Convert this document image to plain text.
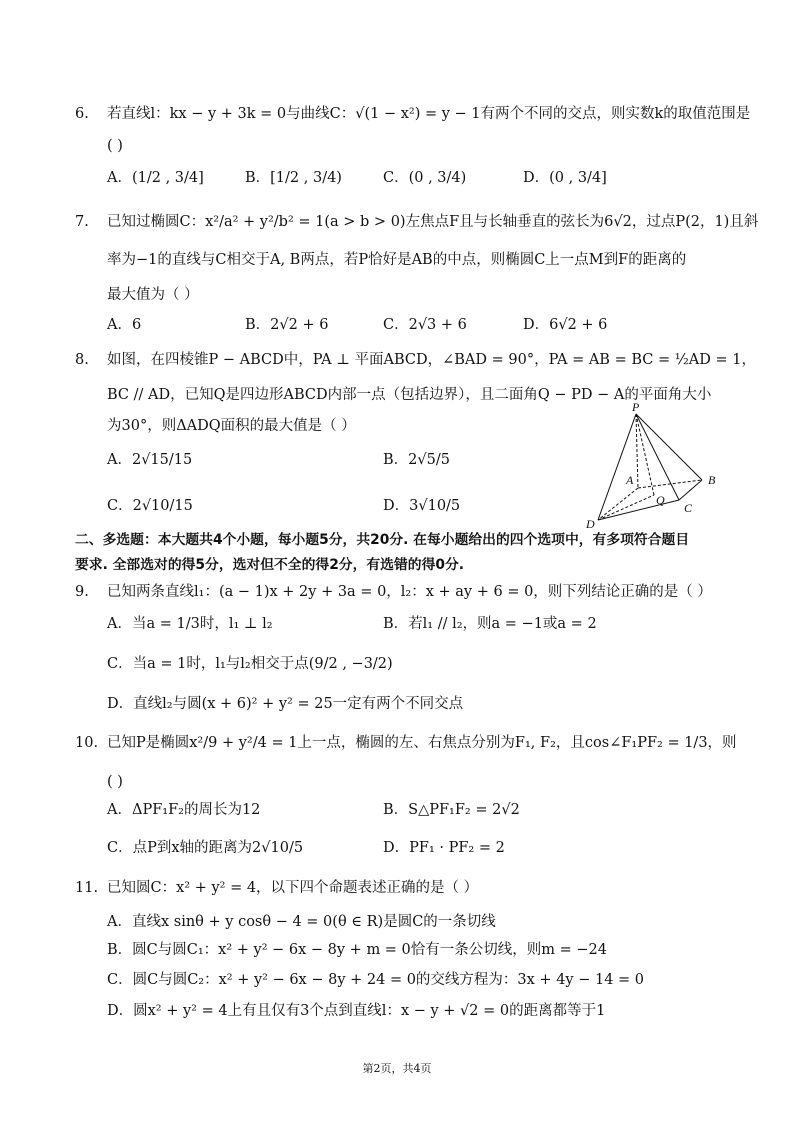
6. 若直线l：kx − y + 3k = 0与曲线C：√(1 − x²) = y − 1有两个不同的交点，则实数k的取值范围是
( )
A．(1/2 , 3/4]	B．[1/2 , 3/4)	C．(0 , 3/4)	D．(0 , 3/4]
7. 已知过椭圆C：x²/a² + y²/b² = 1(a > b > 0)左焦点F且与长轴垂直的弦长为6√2，过点P(2，1)且斜
率为−1的直线与C相交于A, B两点，若P恰好是AB的中点，则椭圆C上一点M到F的距离的
最大值为（ ）
A．6	B．2√2 + 6	C．2√3 + 6	D．6√2 + 6
8. 如图，在四棱锥P − ABCD中，PA ⊥ 平面ABCD，∠BAD = 90°，PA = AB = BC = ½AD = 1，
BC // AD，已知Q是四边形ABCD内部一点（包括边界），且二面角Q − PD − A的平面角大小
为30°，则ΔADQ面积的最大值是（ ）
A．2√15/15	B．2√5/5
C．2√10/15	D．3√10/5
P
A	B
Q
C
D
二、多选题：本大题共4个小题，每小题5分，共20分. 在每小题给出的四个选项中，有多项符合题目
要求. 全部选对的得5分，选对但不全的得2分，有选错的得0分.
9. 已知两条直线l₁：(a − 1)x + 2y + 3a = 0，l₂：x + ay + 6 = 0，则下列结论正确的是（ ）
A．当a = 1/3时，l₁ ⊥ l₂	B．若l₁ // l₂，则a = −1或a = 2
C．当a = 1时，l₁与l₂相交于点(9/2 , −3/2)
D．直线l₂与圆(x + 6)² + y² = 25一定有两个不同交点
10. 已知P是椭圆x²/9 + y²/4 = 1上一点，椭圆的左、右焦点分别为F₁, F₂，且cos∠F₁PF₂ = 1/3，则
( )
A．ΔPF₁F₂的周长为12	B．S△PF₁F₂ = 2√2
C．点P到x轴的距离为2√10/5	D．PF₁ · PF₂ = 2
11. 已知圆C：x² + y² = 4，以下四个命题表述正确的是（ ）
A．直线x sinθ + y cosθ − 4 = 0(θ ∈ R)是圆C的一条切线
B．圆C与圆C₁：x² + y² − 6x − 8y + m = 0恰有一条公切线，则m = −24
C．圆C与圆C₂：x² + y² − 6x − 8y + 24 = 0的交线方程为：3x + 4y − 14 = 0
D．圆x² + y² = 4上有且仅有3个点到直线l：x − y + √2 = 0的距离都等于1
第2页，共4页
